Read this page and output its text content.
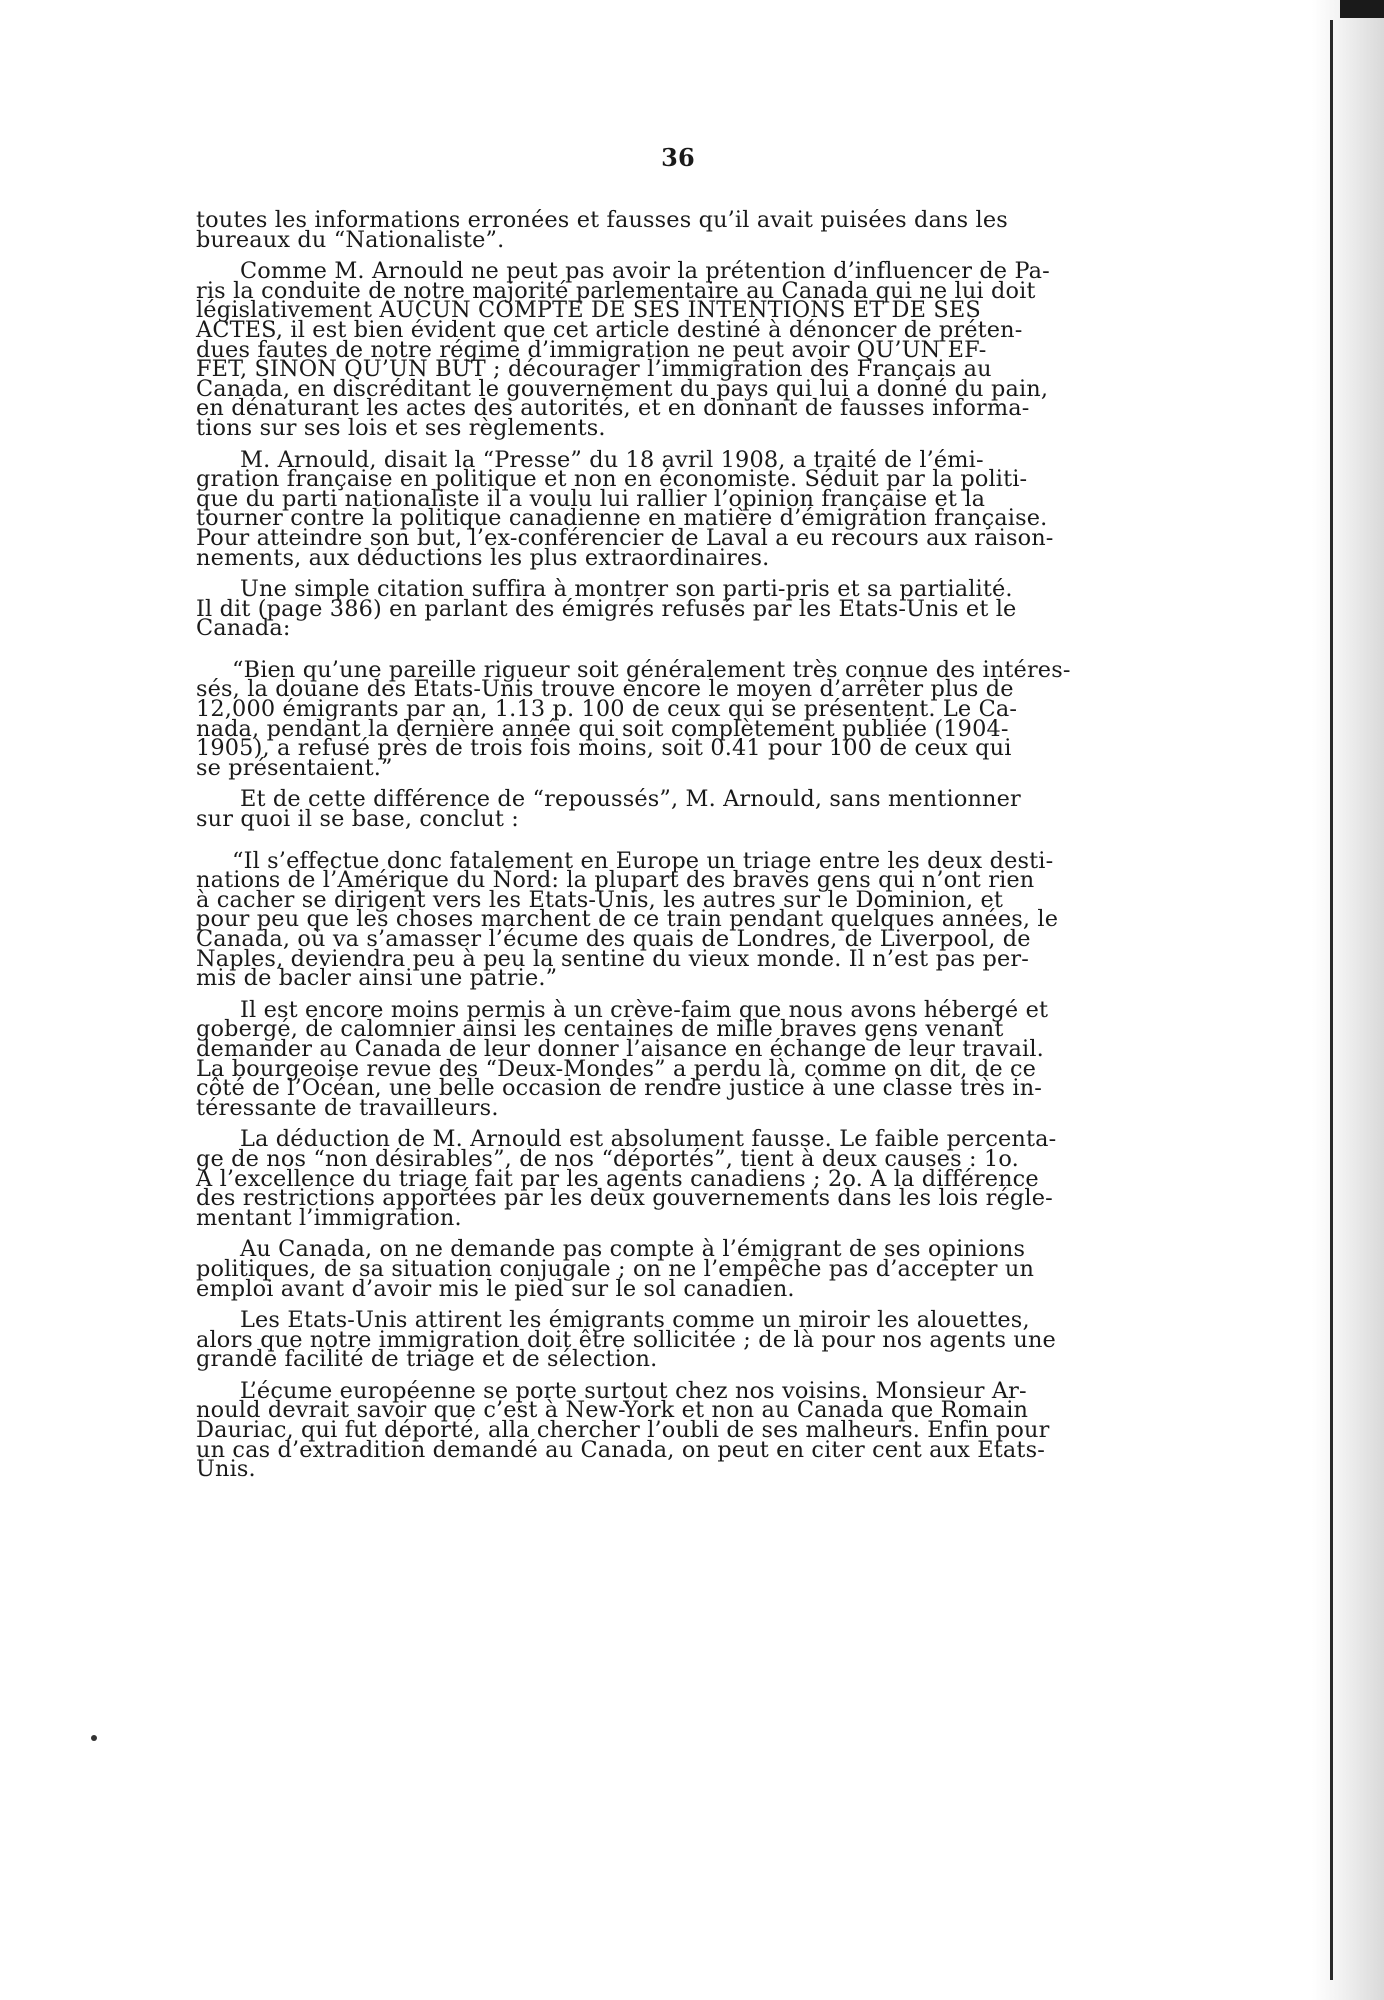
36

toutes les informations erronées et fausses qu’il avait puisées dans les
bureaux du “Nationaliste”.

Comme M. Arnould ne peut pas avoir la prétention d’influencer de Pa-
ris la conduite de notre majorité parlementaire au Canada qui ne lui doit
législativement AUCUN COMPTE DE SES INTENTIONS ET DE SES
ACTES, il est bien évident que cet article destiné à dénoncer de préten-
dues fautes de notre régime d’immigration ne peut avoir QU’UN EF-
FET, SINON QU’UN BUT ; décourager l’immigration des Français au
Canada, en discréditant le gouvernement du pays qui lui a donné du pain,
en dénaturant les actes des autorités, et en donnant de fausses informa-
tions sur ses lois et ses règlements.

M. Arnould, disait la “Presse” du 18 avril 1908, a traité de l’émi-
gration française en politique et non en économiste. Séduit par la politi-
que du parti nationaliste il a voulu lui rallier l’opinion française et la
tourner contre la politique canadienne en matière d’émigration française.
Pour atteindre son but, l’ex-conférencier de Laval a eu recours aux raison-
nements, aux déductions les plus extraordinaires.

Une simple citation suffira à montrer son parti-pris et sa partialité.
Il dit (page 386) en parlant des émigrés refusés par les Etats-Unis et le
Canada:

“Bien qu’une pareille rigueur soit généralement très connue des intéres-
sés, la douane des Etats-Unis trouve encore le moyen d’arrêter plus de
12,000 émigrants par an, 1.13 p. 100 de ceux qui se présentent. Le Ca-
nada, pendant la dernière année qui soit complètement publiée (1904-
1905), a refusé près de trois fois moins, soit 0.41 pour 100 de ceux qui
se présentaient.”

Et de cette différence de “repoussés”, M. Arnould, sans mentionner
sur quoi il se base, conclut :

“Il s’effectue donc fatalement en Europe un triage entre les deux desti-
nations de l’Amérique du Nord: la plupart des braves gens qui n’ont rien
à cacher se dirigent vers les Etats-Unis, les autres sur le Dominion, et
pour peu que les choses marchent de ce train pendant quelques années, le
Canada, où va s’amasser l’écume des quais de Londres, de Liverpool, de
Naples, deviendra peu à peu la sentine du vieux monde. Il n’est pas per-
mis de bacler ainsi une patrie.”

Il est encore moins permis à un crève-faim que nous avons hébergé et
gobergé, de calomnier ainsi les centaines de mille braves gens venant
demander au Canada de leur donner l’aisance en échange de leur travail.
La bourgeoise revue des “Deux-Mondes” a perdu là, comme on dit, de ce
côté de l’Océan, une belle occasion de rendre justice à une classe très in-
téressante de travailleurs.

La déduction de M. Arnould est absolument fausse. Le faible percenta-
ge de nos “non désirables”, de nos “déportés”, tient à deux causes : 1o.
A l’excellence du triage fait par les agents canadiens ; 2o. A la différence
des restrictions apportées par les deux gouvernements dans les lois régle-
mentant l’immigration.

Au Canada, on ne demande pas compte à l’émigrant de ses opinions
politiques, de sa situation conjugale ; on ne l’empêche pas d’accepter un
emploi avant d’avoir mis le pied sur le sol canadien.

Les Etats-Unis attirent les émigrants comme un miroir les alouettes,
alors que notre immigration doit être sollicitée ; de là pour nos agents une
grande facilité de triage et de sélection.

L’écume européenne se porte surtout chez nos voisins. Monsieur Ar-
nould devrait savoir que c’est à New-York et non au Canada que Romain
Dauriac, qui fut déporté, alla chercher l’oubli de ses malheurs. Enfin pour
un cas d’extradition demandé au Canada, on peut en citer cent aux Etats-
Unis.
